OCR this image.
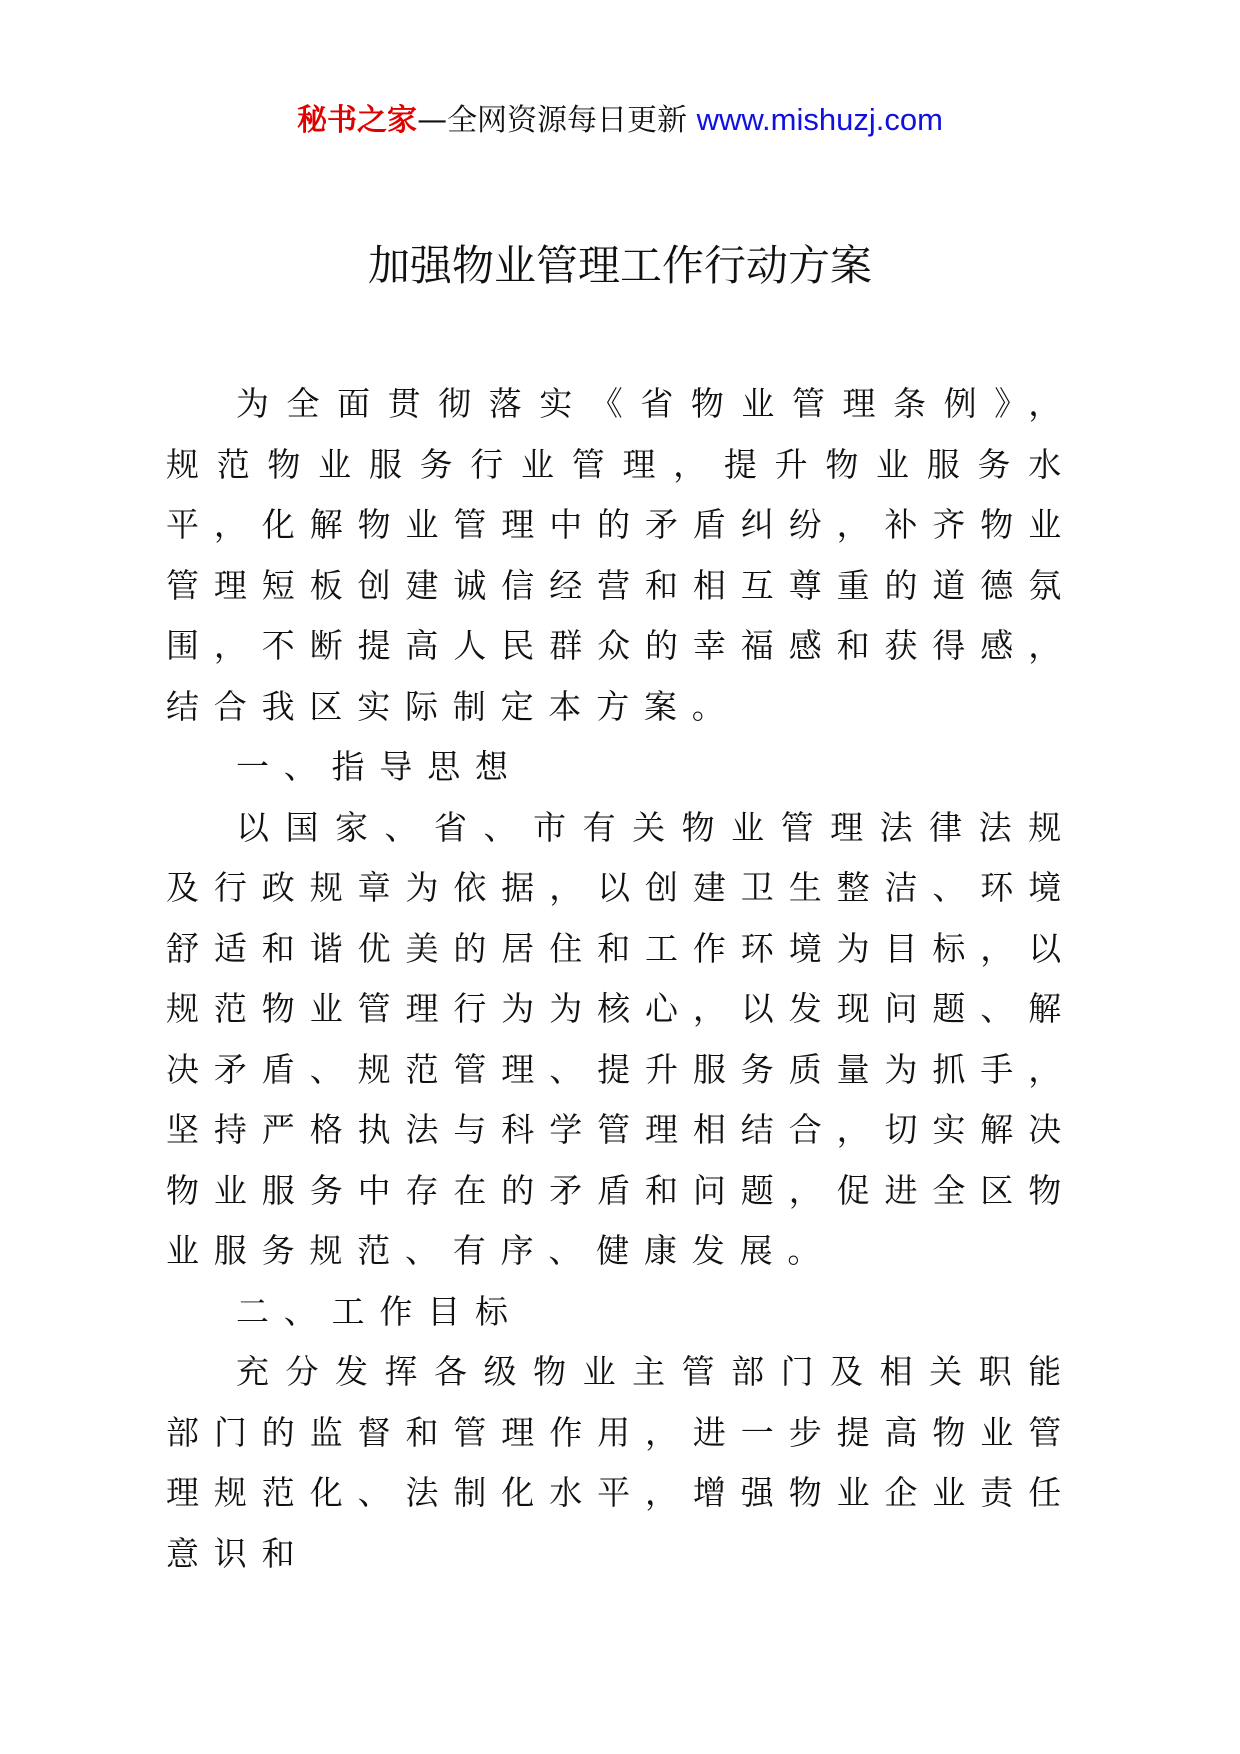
秘书之家—全网资源每日更新 www.mishuzj.com
加强物业管理工作行动方案

为全面贯彻落实《省物业管理条例》，规范物业服务行业管理，提升物业服务水平，化解物业管理中的矛盾纠纷，补齐物业管理短板创建诚信经营和相互尊重的道德氛围，不断提高人民群众的幸福感和获得感，结合我区实际制定本方案。

一、指导思想

以国家、省、市有关物业管理法律法规及行政规章为依据，以创建卫生整洁、环境舒适和谐优美的居住和工作环境为目标，以规范物业管理行为为核心，以发现问题、解决矛盾、规范管理、提升服务质量为抓手，坚持严格执法与科学管理相结合，切实解决物业服务中存在的矛盾和问题，促进全区物业服务规范、有序、健康发展。

二、工作目标

充分发挥各级物业主管部门及相关职能部门的监督和管理作用，进一步提高物业管理规范化、法制化水平，增强物业企业责任意识和
